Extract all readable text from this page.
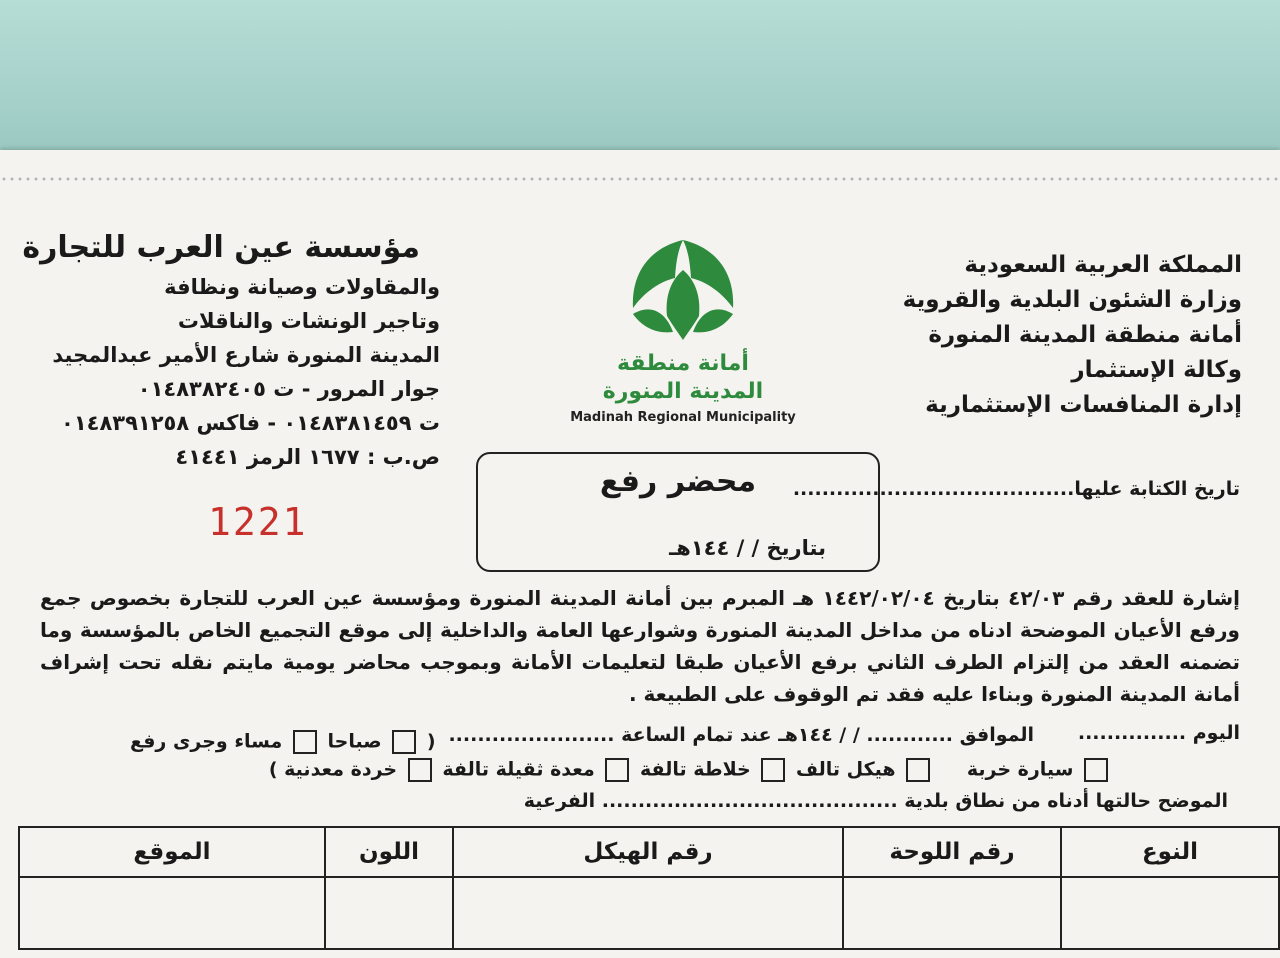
المملكة العربية السعودية
وزارة الشئون البلدية والقروية
أمانة منطقة المدينة المنورة
وكالة الإستثمار
إدارة المنافسات الإستثمارية
أمانة منطقة
المدينة المنورة
Madinah Regional Municipality
مؤسسة عين العرب للتجارة
والمقاولات وصيانة ونظافة
وتاجير الونشات والناقلات
المدينة المنورة شارع الأمير عبدالمجيد
جوار المرور - ت ٠١٤٨٣٨٢٤٠٥
ت ٠١٤٨٣٨١٤٥٩ - فاكس ٠١٤٨٣٩١٢٥٨
ص.ب : ١٦٧٧ الرمز ٤١٤٤١
1221
محضر رفع
بتاريخ / / ١٤٤هـ
تاريخ الكتابة عليها.......................................
إشارة للعقد رقم ٤٢/٠٣ بتاريخ ١٤٤٢/٠٢/٠٤ هـ المبرم بين أمانة المدينة المنورة ومؤسسة عين العرب للتجارة بخصوص جمع ورفع الأعيان الموضحة ادناه من مداخل المدينة المنورة وشوارعها العامة والداخلية إلى موقع التجميع الخاص بالمؤسسة وما تضمنه العقد من إلتزام الطرف الثاني برفع الأعيان طبقا لتعليمات الأمانة وبموجب محاضر يومية مايتم نقله تحت إشراف أمانة المدينة المنورة وبناءا عليه فقد تم الوقوف على الطبيعة .
اليوم ...............
الموافق ............ / / ١٤٤هـ عند تمام الساعة .......................
(  صباحا  مساء وجرى رفع
سيارة خربة  هيكل تالف  خلاطة تالفة  معدة ثقيلة تالفة  خردة معدنية )
الموضح حالتها أدناه من نطاق بلدية ......................................... الفرعية
النوع	رقم اللوحة	رقم الهيكل	اللون	الموقع
